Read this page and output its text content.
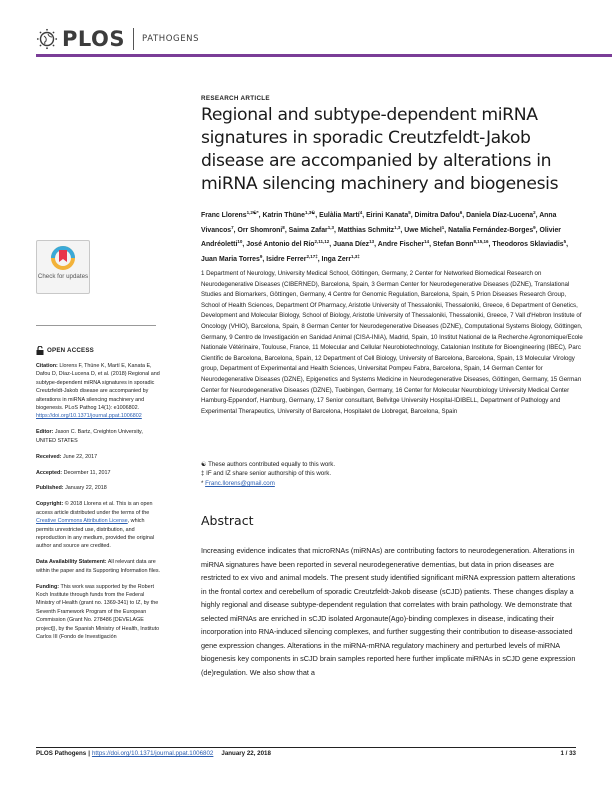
PLOS PATHOGENS
RESEARCH ARTICLE
Regional and subtype-dependent miRNA signatures in sporadic Creutzfeldt-Jakob disease are accompanied by alterations in miRNA silencing machinery and biogenesis
Franc Llorens$^{1,2☯*}$, Katrin Thüne$^{1,3☯}$, Eulàlia Martí$^4$, Eirini Kanata$^5$, Dimitra Dafou$^6$, Daniela Díaz-Lucena$^2$, Anna Vivancos$^7$, Orr Shomroni$^8$, Saima Zafar$^{1,3}$, Matthias Schmitz$^{1,3}$, Uwe Michel$^1$, Natalia Fernández-Borges$^9$, Olivier Andréoletti$^{10}$, José Antonio del Río$^{2,11,12}$, Juana Díez$^{13}$, Andre Fischer$^{14}$, Stefan Bonn$^{8,15,16}$, Theodoros Sklaviadis$^5$, Juan Maria Torres$^9$, Isidre Ferrer$^{2,17\ddagger}$, Inga Zerr$^{1,3\ddagger}$
1 Department of Neurology, University Medical School, Göttingen, Germany, 2 Center for Networked Biomedical Research on Neurodegenerative Diseases (CIBERNED), Barcelona, Spain, 3 German Center for Neurodegenerative Diseases (DZNE), Translational Studies and Biomarkers, Göttingen, Germany, 4 Centre for Genomic Regulation, Barcelona, Spain, 5 Prion Diseases Research Group, School of Health Sciences, Department Of Pharmacy, Aristotle University of Thessaloniki, Thessaloniki, Greece, 6 Department of Genetics, Development and Molecular Biology, School of Biology, Aristotle University of Thessaloniki, Thessaloniki, Greece, 7 Vall d'Hebron Institute of Oncology (VHIO), Barcelona, Spain, 8 German Center for Neurodegenerative Diseases (DZNE), Computational Systems Biology, Göttingen, Germany, 9 Centro de Investigación en Sanidad Animal (CISA-INIA), Madrid, Spain, 10 Institut National de la Recherche Agronomique/Ecole Nationale Vétérinaire, Toulouse, France, 11 Molecular and Cellular Neurobiotechnology, Catalonian Institute for Bioengineering (IBEC), Parc Científic de Barcelona, Barcelona, Spain, 12 Department of Cell Biology, University of Barcelona, Barcelona, Spain, 13 Molecular Virology group, Department of Experimental and Health Sciences, Universitat Pompeu Fabra, Barcelona, Spain, 14 German Center for Neurodegenerative Diseases (DZNE), Epigenetics and Systems Medicine in Neurodegenerative Diseases, Göttingen, Germany, 15 German Center for Neurodegenerative Diseases (DZNE), Tuebingen, Germany, 16 Center for Molecular Neurobiology University Medical Center Hamburg-Eppendorf, Hamburg, Germany, 17 Senior consultant, Bellvitge University Hospital-IDIBELL, Department of Pathology and Experimental Therapeutics, University of Barcelona, Hospitalet de Llobregat, Barcelona, Spain
☯ These authors contributed equally to this work.
‡ IF and IZ share senior authorship of this work.
* Franc.llorens@gmail.com
Abstract

Increasing evidence indicates that microRNAs (miRNAs) are contributing factors to neurodegeneration. Alterations in miRNA signatures have been reported in several neurodegenerative dementias, but data in prion diseases are restricted to ex vivo and animal models. The present study identified significant miRNA expression pattern alterations in the frontal cortex and cerebellum of sporadic Creutzfeldt-Jakob disease (sCJD) patients. These changes display a highly regional and disease subtype-dependent regulation that correlates with brain pathology. We demonstrate that selected miRNAs are enriched in sCJD isolated Argonaute(Ago)-binding complexes in disease, indicating their incorporation into RNA-induced silencing complexes, and further suggesting their contribution to disease-associated gene expression changes. Alterations in the miRNA-mRNA regulatory machinery and perturbed levels of miRNA biogenesis key components in sCJD brain samples reported here further implicate miRNAs in sCJD gene expression (de)regulation. We also show that a

Check for updates
OPEN ACCESS

Citation: Llorens F, Thüne K, Martí E, Kanata E, Dafou D, Díaz-Lucena D, et al. (2018) Regional and subtype-dependent miRNA signatures in sporadic Creutzfeldt-Jakob disease are accompanied by alterations in miRNA silencing machinery and biogenesis. PLoS Pathog 14(1): e1006802. https://doi.org/10.1371/journal.ppat.1006802

Editor: Jason C. Bartz, Creighton University, UNITED STATES

Received: June 22, 2017

Accepted: December 11, 2017

Published: January 22, 2018

Copyright: © 2018 Llorens et al. This is an open access article distributed under the terms of the Creative Commons Attribution License, which permits unrestricted use, distribution, and reproduction in any medium, provided the original author and source are credited.

Data Availability Statement: All relevant data are within the paper and its Supporting Information files.

Funding: This work was supported by the Robert Koch Institute through funds from the Federal Ministry of Health (grant no. 1369-341) to IZ, by the Seventh Framework Program of the European Commission (Grant No. 278486 [DEVELAGE project]), by the Spanish Ministry of Health, Instituto Carlos III (Fondo de Investigación

PLOS Pathogens | https://doi.org/10.1371/journal.ppat.1006802 January 22, 2018	1 / 33
